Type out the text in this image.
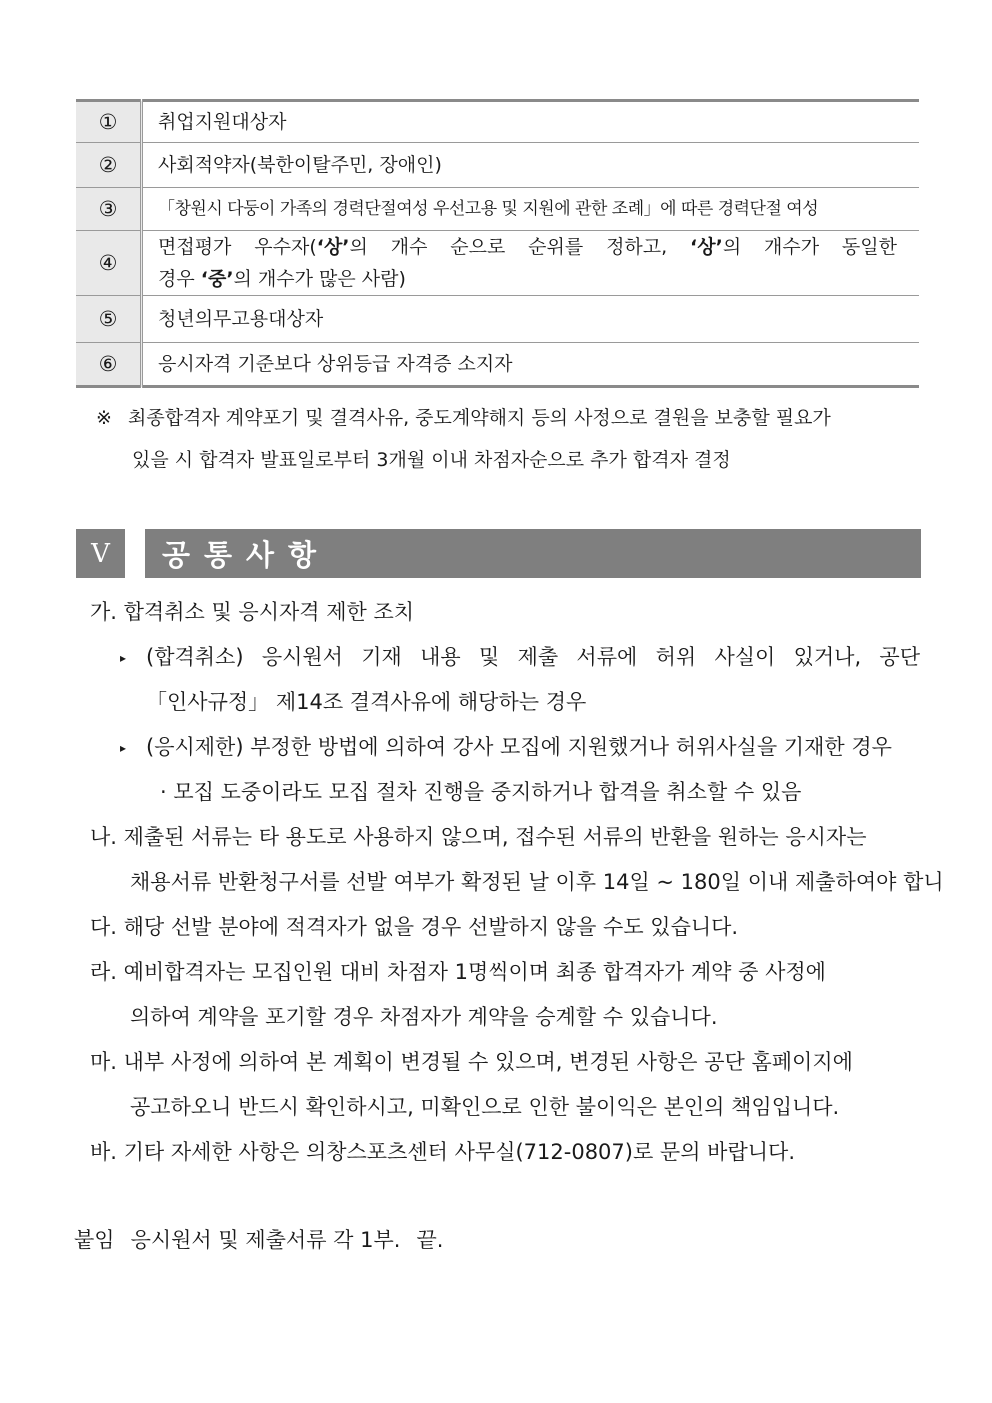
①	취업지원대상자
②	사회적약자(북한이탈주민, 장애인)
③	「창원시 다둥이 가족의 경력단절여성 우선고용 및 지원에 관한 조례」에 따른 경력단절 여성
④	면접평가 우수자(‘상’의 개수 순으로 순위를 정하고, ‘상’의 개수가 동일한
경우 ‘중’의 개수가 많은 사람)

⑤	청년의무고용대상자
⑥	응시자격 기준보다 상위등급 자격증 소지자
※ 최종합격자 계약포기 및 결격사유, 중도계약해지 등의 사정으로 결원을 보충할 필요가
있을 시 합격자 발표일로부터 3개월 이내 차점자순으로 추가 합격자 결정
Ⅴ	공통사항
가. 합격취소 및 응시자격 제한 조치
▸ (합격취소) 응시원서 기재 내용 및 제출 서류에 허위 사실이 있거나, 공단
「인사규정」 제14조 결격사유에 해당하는 경우
▸ (응시제한) 부정한 방법에 의하여 강사 모집에 지원했거나 허위사실을 기재한 경우
· 모집 도중이라도 모집 절차 진행을 중지하거나 합격을 취소할 수 있음
나. 제출된 서류는 타 용도로 사용하지 않으며, 접수된 서류의 반환을 원하는 응시자는
채용서류 반환청구서를 선발 여부가 확정된 날 이후 14일 ~ 180일 이내 제출하여야 합니
다. 해당 선발 분야에 적격자가 없을 경우 선발하지 않을 수도 있습니다.
라. 예비합격자는 모집인원 대비 차점자 1명씩이며 최종 합격자가 계약 중 사정에
의하여 계약을 포기할 경우 차점자가 계약을 승계할 수 있습니다.
마. 내부 사정에 의하여 본 계획이 변경될 수 있으며, 변경된 사항은 공단 홈페이지에
공고하오니 반드시 확인하시고, 미확인으로 인한 불이익은 본인의 책임입니다.
바. 기타 자세한 사항은 의창스포츠센터 사무실(712-0807)로 문의 바랍니다.
붙임 응시원서 및 제출서류 각 1부. 끝.
